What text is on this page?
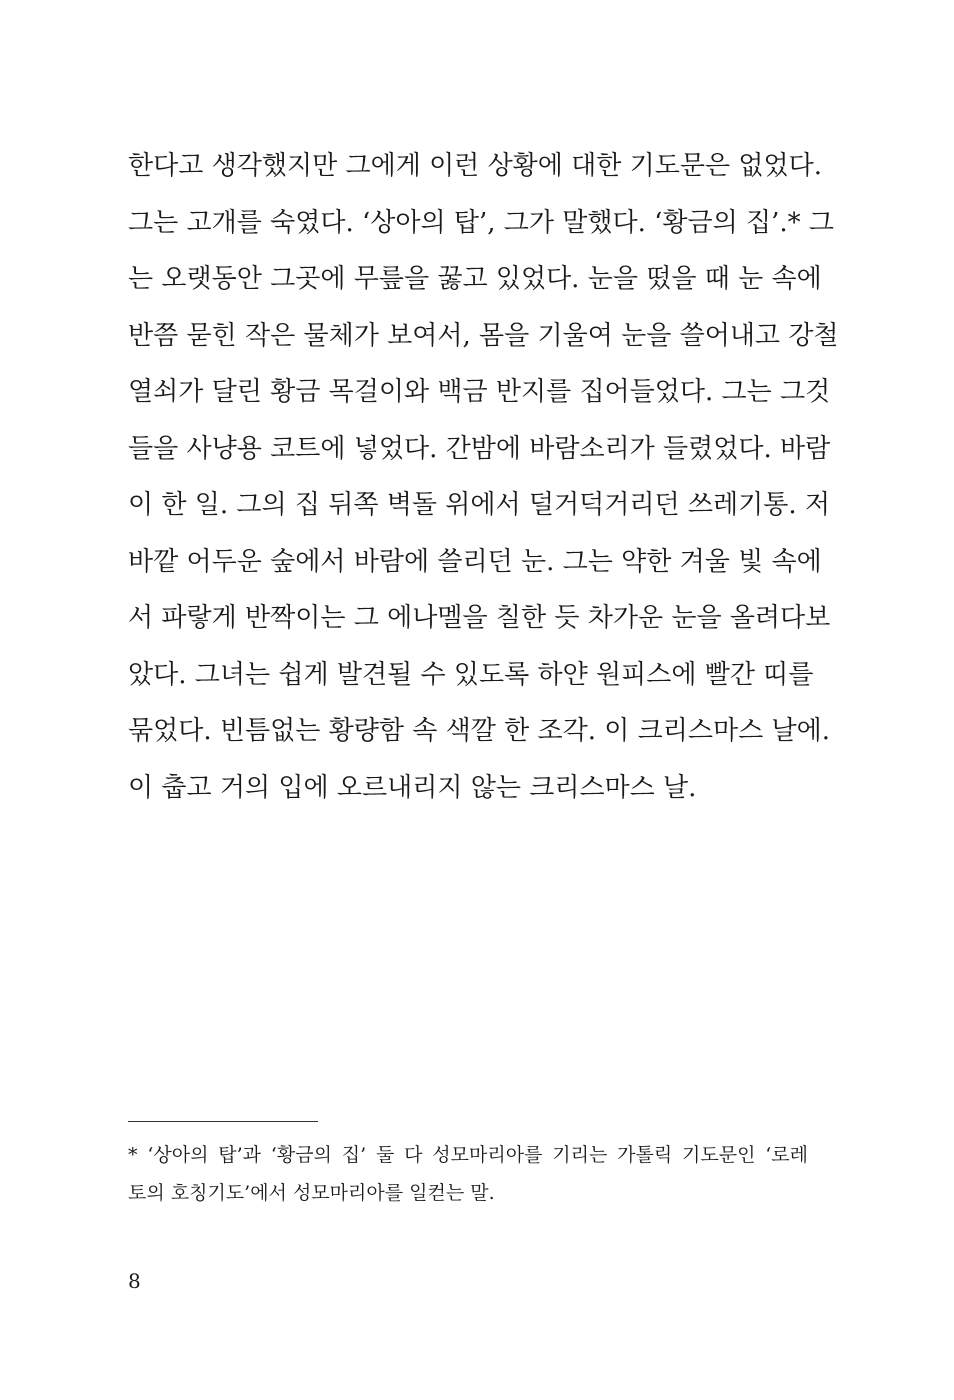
한다고 생각했지만 그에게 이런 상황에 대한 기도문은 없었다.
그는 고개를 숙였다. ‘상아의 탑’, 그가 말했다. ‘황금의 집’.* 그
는 오랫동안 그곳에 무릎을 꿇고 있었다. 눈을 떴을 때 눈 속에
반쯤 묻힌 작은 물체가 보여서, 몸을 기울여 눈을 쓸어내고 강철
열쇠가 달린 황금 목걸이와 백금 반지를 집어들었다. 그는 그것
들을 사냥용 코트에 넣었다. 간밤에 바람소리가 들렸었다. 바람
이 한 일. 그의 집 뒤쪽 벽돌 위에서 덜거덕거리던 쓰레기통. 저
바깥 어두운 숲에서 바람에 쓸리던 눈. 그는 약한 겨울 빛 속에
서 파랗게 반짝이는 그 에나멜을 칠한 듯 차가운 눈을 올려다보
았다. 그녀는 쉽게 발견될 수 있도록 하얀 원피스에 빨간 띠를
묶었다. 빈틈없는 황량함 속 색깔 한 조각. 이 크리스마스 날에.
이 춥고 거의 입에 오르내리지 않는 크리스마스 날.
* ‘상아의 탑’과 ‘황금의 집’ 둘 다 성모마리아를 기리는 가톨릭 기도문인 ‘로레
토의 호칭기도’에서 성모마리아를 일컫는 말.
8
